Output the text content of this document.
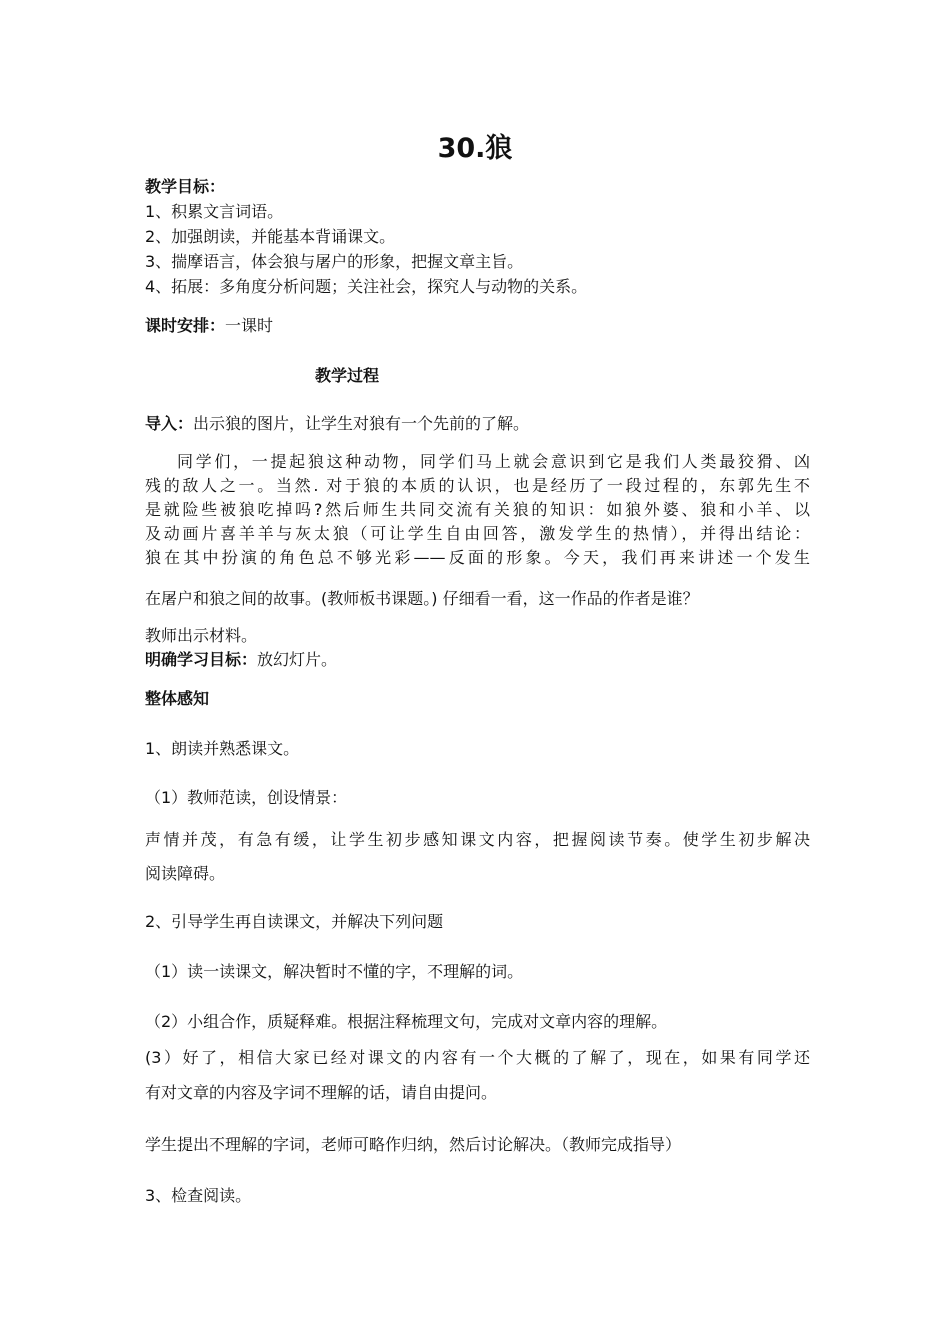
30.狼

教学目标：

1、积累文言词语。

2、加强朗读，并能基本背诵课文。

3、揣摩语言，体会狼与屠户的形象，把握文章主旨。

4、拓展：多角度分析问题；关注社会，探究人与动物的关系。

课时安排：一课时

教学过程

导入：出示狼的图片，让学生对狼有一个先前的了解。

同学们，一提起狼这种动物，同学们马上就会意识到它是我们人类最狡猾、凶
残的敌人之一。当然. 对于狼的本质的认识，也是经历了一段过程的，东郭先生不
是就险些被狼吃掉吗?然后师生共同交流有关狼的知识：如狼外婆、狼和小羊、以
及动画片喜羊羊与灰太狼（可让学生自由回答，激发学生的热情），并得出结论：
狼在其中扮演的角色总不够光彩——反面的形象。今天，我们再来讲述一个发生

在屠户和狼之间的故事。(教师板书课题。) 仔细看一看，这一作品的作者是谁？

教师出示材料。

明确学习目标：放幻灯片。

整体感知

1、朗读并熟悉课文。

（1）教师范读，创设情景：

声情并茂，有急有缓，让学生初步感知课文内容，把握阅读节奏。使学生初步解决
阅读障碍。

2、引导学生再自读课文，并解决下列问题

（1）读一读课文，解决暂时不懂的字，不理解的词。

（2）小组合作，质疑释难。根据注释梳理文句，完成对文章内容的理解。

(3）好了，相信大家已经对课文的内容有一个大概的了解了，现在，如果有同学还
有对文章的内容及字词不理解的话，请自由提问。

学生提出不理解的字词，老师可略作归纳，然后讨论解决。（教师完成指导）

3、检查阅读。
